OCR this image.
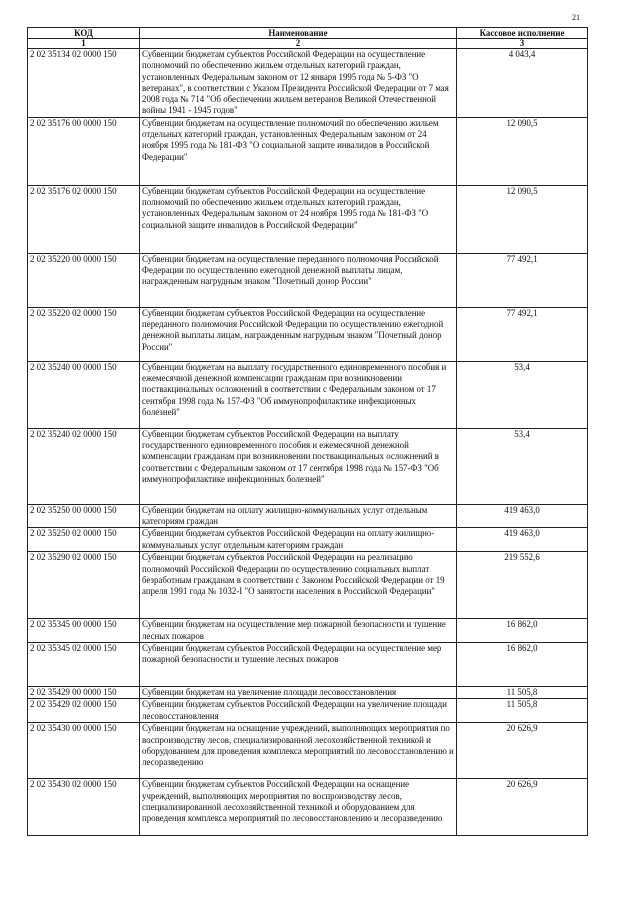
21
КОД	Наименование	Кассовое исполнение
1	2	3
2 02 35134 02 0000 150	Субвенции бюджетам субъектов Российской Федерации на осуществление полномочий по обеспечению жильем отдельных категорий граждан, установленных Федеральным законом от 12 января 1995 года № 5-ФЗ "О ветеранах", в соответствии с Указом Президента Российской Федерации от 7 мая 2008 года № 714 "Об обеспечении жильем ветеранов Великой Отечественной войны 1941 - 1945 годов"	4 043,4
2 02 35176 00 0000 150	Субвенции бюджетам на осуществление полномочий по обеспечению жильем отдельных категорий граждан, установленных Федеральным законом от 24 ноября 1995 года № 181-ФЗ "О социальной защите инвалидов в Российской Федерации"	12 090,5
2 02 35176 02 0000 150	Субвенции бюджетам субъектов Российской Федерации на осуществление полномочий по обеспечению жильем отдельных категорий граждан, установленных Федеральным законом от 24 ноября 1995 года № 181-ФЗ "О социальной защите инвалидов в Российской Федерации"	12 090,5
2 02 35220 00 0000 150	Субвенции бюджетам на осуществление переданного полномочия Российской Федерации по осуществлению ежегодной денежной выплаты лицам, награжденным нагрудным знаком "Почетный донор России"	77 492,1
2 02 35220 02 0000 150	Субвенции бюджетам субъектов Российской Федерации на осуществление переданного полномочия Российской Федерации по осуществлению ежегодной денежной выплаты лицам, награжденным нагрудным знаком "Почетный донор России"	77 492,1
2 02 35240 00 0000 150	Субвенции бюджетам на выплату государственного единовременного пособия и ежемесячной денежной компенсации гражданам при возникновении поствакцинальных осложнений в соответствии с Федеральным законом от 17 сентября 1998 года № 157-ФЗ "Об иммунопрофилактике инфекционных болезней"	53,4
2 02 35240 02 0000 150	Субвенции бюджетам субъектов Российской Федерации на выплату государственного единовременного пособия и ежемесячной денежной компенсации гражданам при возникновении поствакцинальных осложнений в соответствии с Федеральным законом от 17 сентября 1998 года № 157-ФЗ "Об иммунопрофилактике инфекционных болезней"	53,4
2 02 35250 00 0000 150	Субвенции бюджетам на оплату жилищно-коммунальных услуг отдельным категориям граждан	419 463,0
2 02 35250 02 0000 150	Субвенции бюджетам субъектов Российской Федерации на оплату жилищно-коммунальных услуг отдельным категориям граждан	419 463,0
2 02 35290 02 0000 150	Субвенции бюджетам субъектов Российской Федерации на реализацию полномочий Российской Федерации по осуществлению социальных выплат безработным гражданам в соответствии с Законом Российской Федерации от 19 апреля 1991 года № 1032-I "О занятости населения в Российской Федерации"	219 552,6
2 02 35345 00 0000 150	Субвенции бюджетам на осуществление мер пожарной безопасности и тушение лесных пожаров	16 862,0
2 02 35345 02 0000 150	Субвенции бюджетам субъектов Российской Федерации на осуществление мер пожарной безопасности и тушение лесных пожаров	16 862,0
2 02 35429 00 0000 150	Субвенции бюджетам на увеличение площади лесовосстановления	11 505,8
2 02 35429 02 0000 150	Субвенции бюджетам субъектов Российской Федерации на увеличение площади лесовосстановления	11 505,8
2 02 35430 00 0000 150	Субвенции бюджетам на оснащение учреждений, выполняющих мероприятия по воспроизводству лесов, специализированной лесохозяйственной техникой и оборудованием для проведения комплекса мероприятий по лесовосстановлению и лесоразведению	20 626,9
2 02 35430 02 0000 150	Субвенции бюджетам субъектов Российской Федерации на оснащение учреждений, выполняющих мероприятия по воспроизводству лесов, специализированной лесохозяйственной техникой и оборудованием для проведения комплекса мероприятий по лесовосстановлению и лесоразведению	20 626,9
